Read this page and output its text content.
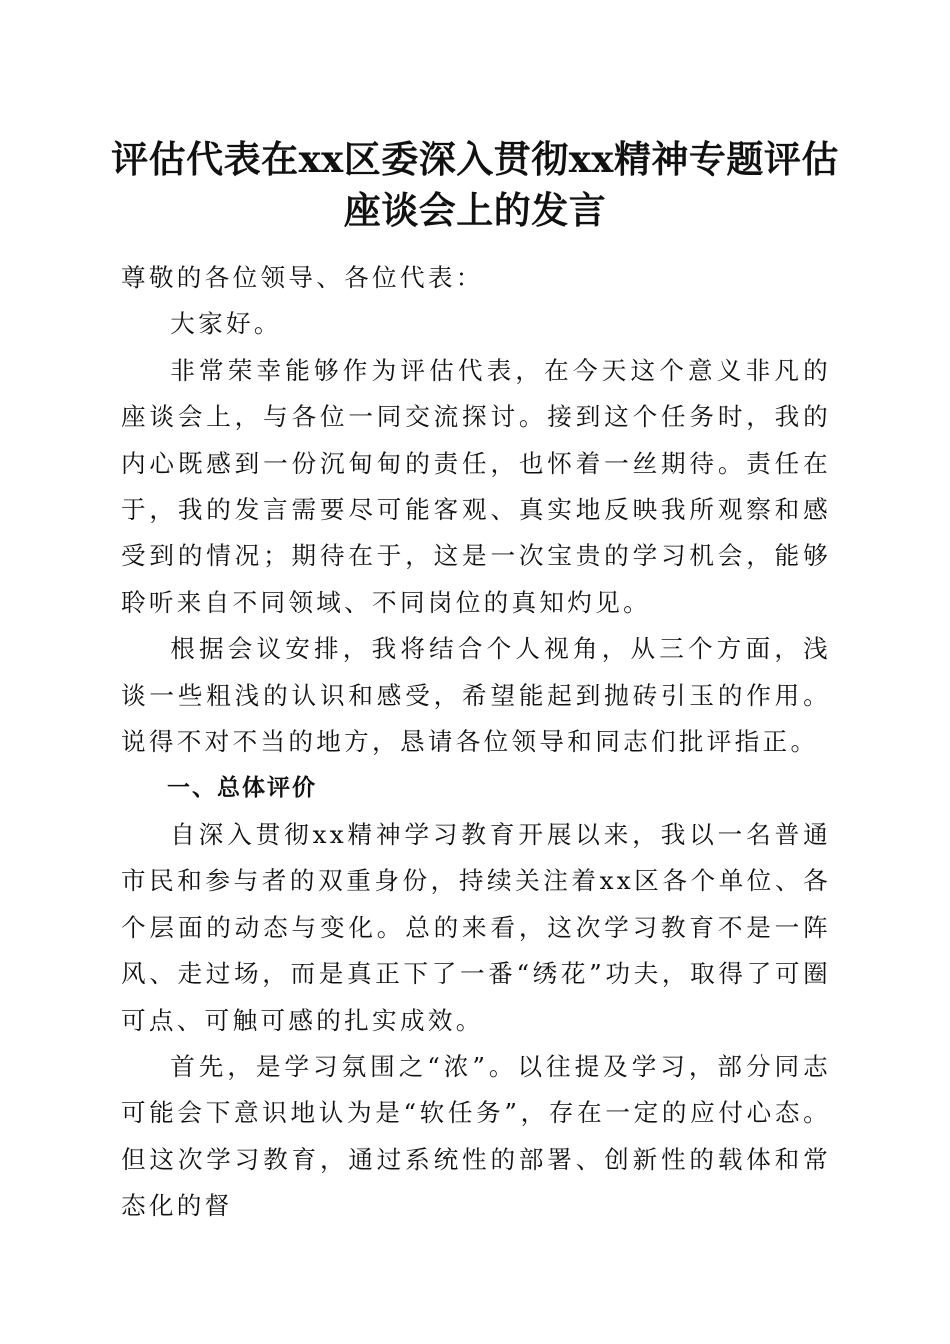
评估代表在xx区委深入贯彻xx精神专题评估座谈会上的发言

尊敬的各位领导、各位代表：

大家好。

非常荣幸能够作为评估代表，在今天这个意义非凡的座谈会上，与各位一同交流探讨。接到这个任务时，我的内心既感到一份沉甸甸的责任，也怀着一丝期待。责任在于，我的发言需要尽可能客观、真实地反映我所观察和感受到的情况；期待在于，这是一次宝贵的学习机会，能够聆听来自不同领域、不同岗位的真知灼见。

根据会议安排，我将结合个人视角，从三个方面，浅谈一些粗浅的认识和感受，希望能起到抛砖引玉的作用。说得不对不当的地方，恳请各位领导和同志们批评指正。

一、总体评价

自深入贯彻xx精神学习教育开展以来，我以一名普通市民和参与者的双重身份，持续关注着xx区各个单位、各个层面的动态与变化。总的来看，这次学习教育不是一阵风、走过场，而是真正下了一番“绣花”功夫，取得了可圈可点、可触可感的扎实成效。

首先，是学习氛围之“浓”。以往提及学习，部分同志可能会下意识地认为是“软任务”，存在一定的应付心态。但这次学习教育，通过系统性的部署、创新性的载体和常态化的督
